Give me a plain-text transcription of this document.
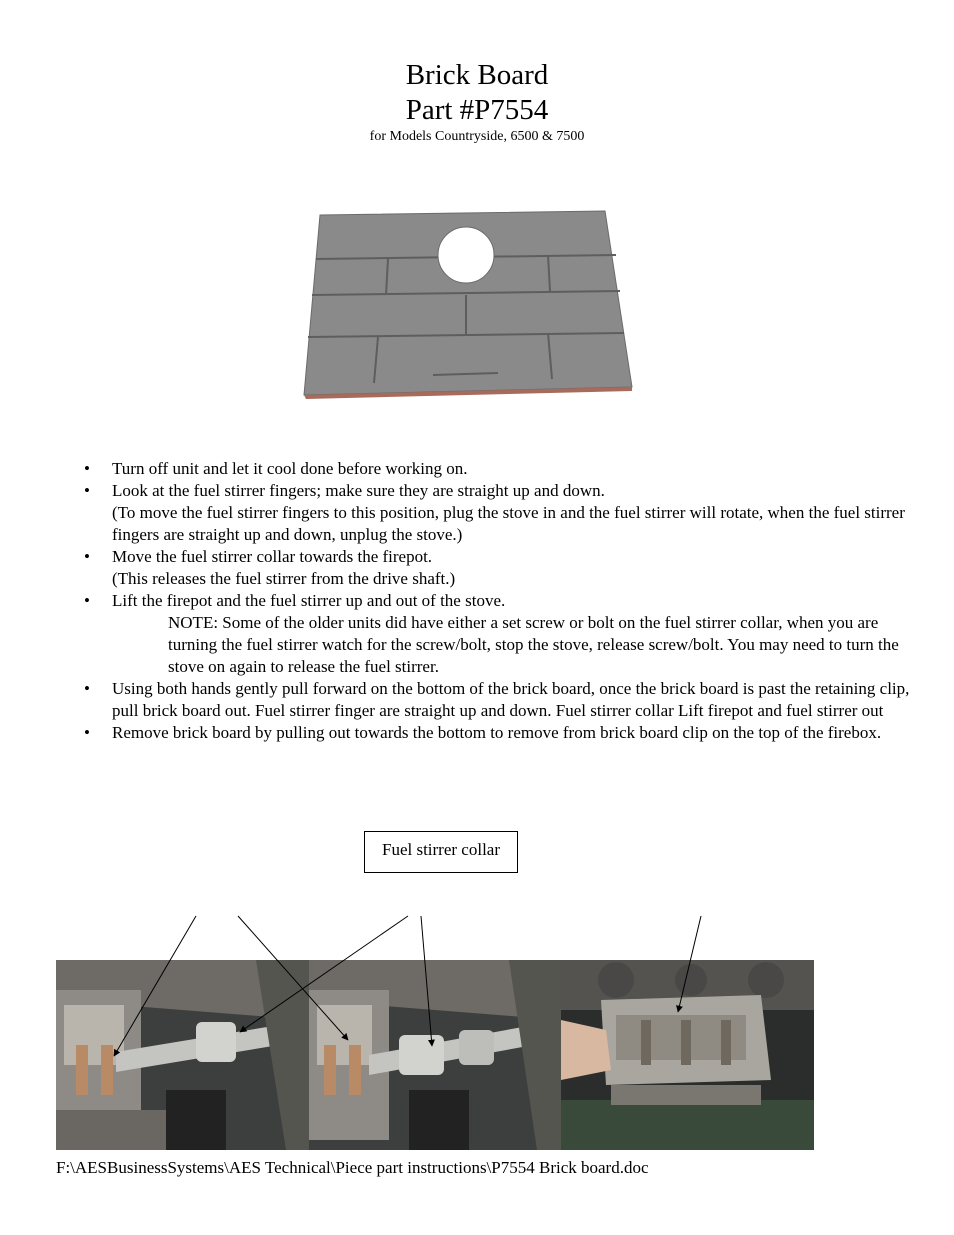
Brick Board
Part #P7554
for Models Countryside, 6500 & 7500
• Turn off unit and let it cool done before working on.
• Look at the fuel stirrer fingers; make sure they are straight up and down.
(To move the fuel stirrer fingers to this position, plug the stove in and the fuel stirrer will rotate, when the fuel stirrer fingers are straight up and down, unplug the stove.)
• Move the fuel stirrer collar towards the firepot.
(This releases the fuel stirrer from the drive shaft.)
• Lift the firepot and the fuel stirrer up and out of the stove.
NOTE: Some of the older units did have either a set screw or bolt on the fuel stirrer collar, when you are turning the fuel stirrer watch for the screw/bolt, stop the stove, release screw/bolt. You may need to turn the stove on again to release the fuel stirrer.
• Using both hands gently pull forward on the bottom of the brick board, once the brick board is past the retaining clip, pull brick board out. Fuel stirrer finger are straight up and down. Fuel stirrer collar Lift firepot and fuel stirrer out
• Remove brick board by pulling out towards the bottom to remove from brick board clip on the top of the firebox.
Fuel stirrer collar
F:\AESBusinessSystems\AES Technical\Piece part instructions\P7554 Brick board.doc
